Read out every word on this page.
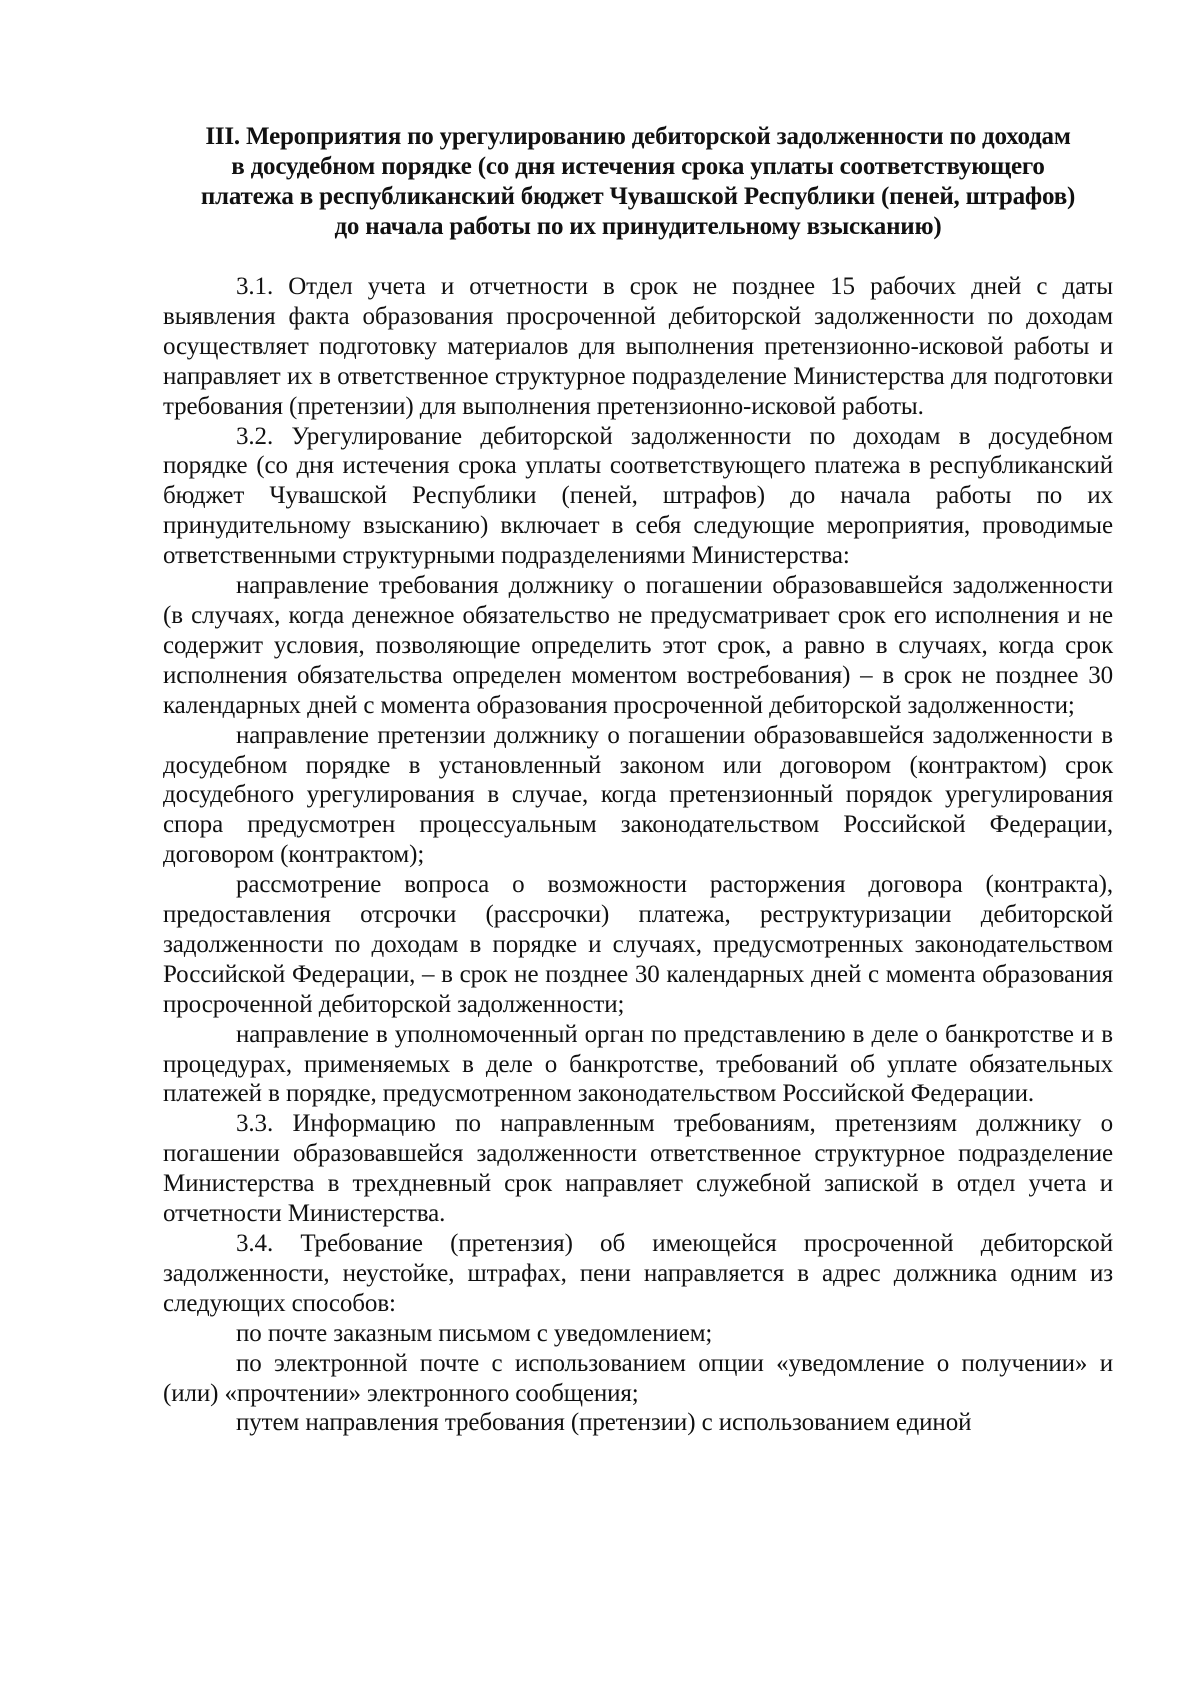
III. Мероприятия по урегулированию дебиторской задолженности по доходам
в досудебном порядке (со дня истечения срока уплаты соответствующего
платежа в республиканский бюджет Чувашской Республики (пеней, штрафов)
до начала работы по их принудительному взысканию)

3.1. Отдел учета и отчетности в срок не позднее 15 рабочих дней с даты выявления факта образования просроченной дебиторской задолженности по доходам осуществляет подготовку материалов для выполнения претензионно-исковой работы и направляет их в ответственное структурное подразделение Министерства для подготовки требования (претензии) для выполнения претензионно-исковой работы.

3.2. Урегулирование дебиторской задолженности по доходам в досудебном порядке (со дня истечения срока уплаты соответствующего платежа в республиканский бюджет Чувашской Республики (пеней, штрафов) до начала работы по их принудительному взысканию) включает в себя следующие мероприятия, проводимые ответственными структурными подразделениями Министерства:

направление требования должнику о погашении образовавшейся задолженности (в случаях, когда денежное обязательство не предусматривает срок его исполнения и не содержит условия, позволяющие определить этот срок, а равно в случаях, когда срок исполнения обязательства определен моментом востребования) – в срок не позднее 30 календарных дней с момента образования просроченной дебиторской задолженности;

направление претензии должнику о погашении образовавшейся задолженности в досудебном порядке в установленный законом или договором (контрактом) срок досудебного урегулирования в случае, когда претензионный порядок урегулирования спора предусмотрен процессуальным законодательством Российской Федерации, договором (контрактом);

рассмотрение вопроса о возможности расторжения договора (контракта), предоставления отсрочки (рассрочки) платежа, реструктуризации дебиторской задолженности по доходам в порядке и случаях, предусмотренных законодательством Российской Федерации, – в срок не позднее 30 календарных дней с момента образования просроченной дебиторской задолженности;

направление в уполномоченный орган по представлению в деле о банкротстве и в процедурах, применяемых в деле о банкротстве, требований об уплате обязательных платежей в порядке, предусмотренном законодательством Российской Федерации.

3.3. Информацию по направленным требованиям, претензиям должнику о погашении образовавшейся задолженности ответственное структурное подразделение Министерства в трехдневный срок направляет служебной запиской в отдел учета и отчетности Министерства.

3.4. Требование (претензия) об имеющейся просроченной дебиторской задолженности, неустойке, штрафах, пени направляется в адрес должника одним из следующих способов:

по почте заказным письмом с уведомлением;

по электронной почте с использованием опции «уведомление о получении» и (или) «прочтении» электронного сообщения;

путем направления требования (претензии) с использованием единой
